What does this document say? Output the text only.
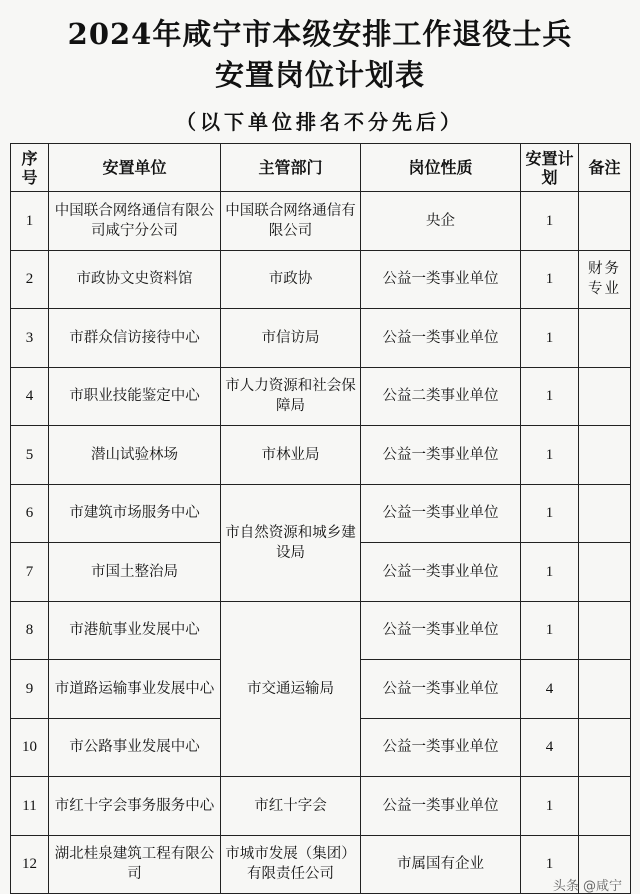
2024年咸宁市本级安排工作退役士兵
安置岗位计划表
（以下单位排名不分先后）
序号	安置单位	主管部门	岗位性质	安置计划	备注
1	中国联合网络通信有限公司咸宁分公司	中国联合网络通信有限公司	央企	1	
2	市政协文史资料馆	市政协	公益一类事业单位	1	财务专业
3	市群众信访接待中心	市信访局	公益一类事业单位	1	
4	市职业技能鉴定中心	市人力资源和社会保障局	公益二类事业单位	1	
5	潜山试验林场	市林业局	公益一类事业单位	1	
6	市建筑市场服务中心	市自然资源和城乡建设局	公益一类事业单位	1	
7	市国土整治局		公益一类事业单位	1	
8	市港航事业发展中心	市交通运输局	公益一类事业单位	1	
9	市道路运输事业发展中心		公益一类事业单位	4	
10	市公路事业发展中心		公益一类事业单位	4	
11	市红十字会事务服务中心	市红十字会	公益一类事业单位	1	
12	湖北桂泉建筑工程有限公司	市城市发展（集团）有限责任公司	市属国有企业	1	
头条 @咸宁
